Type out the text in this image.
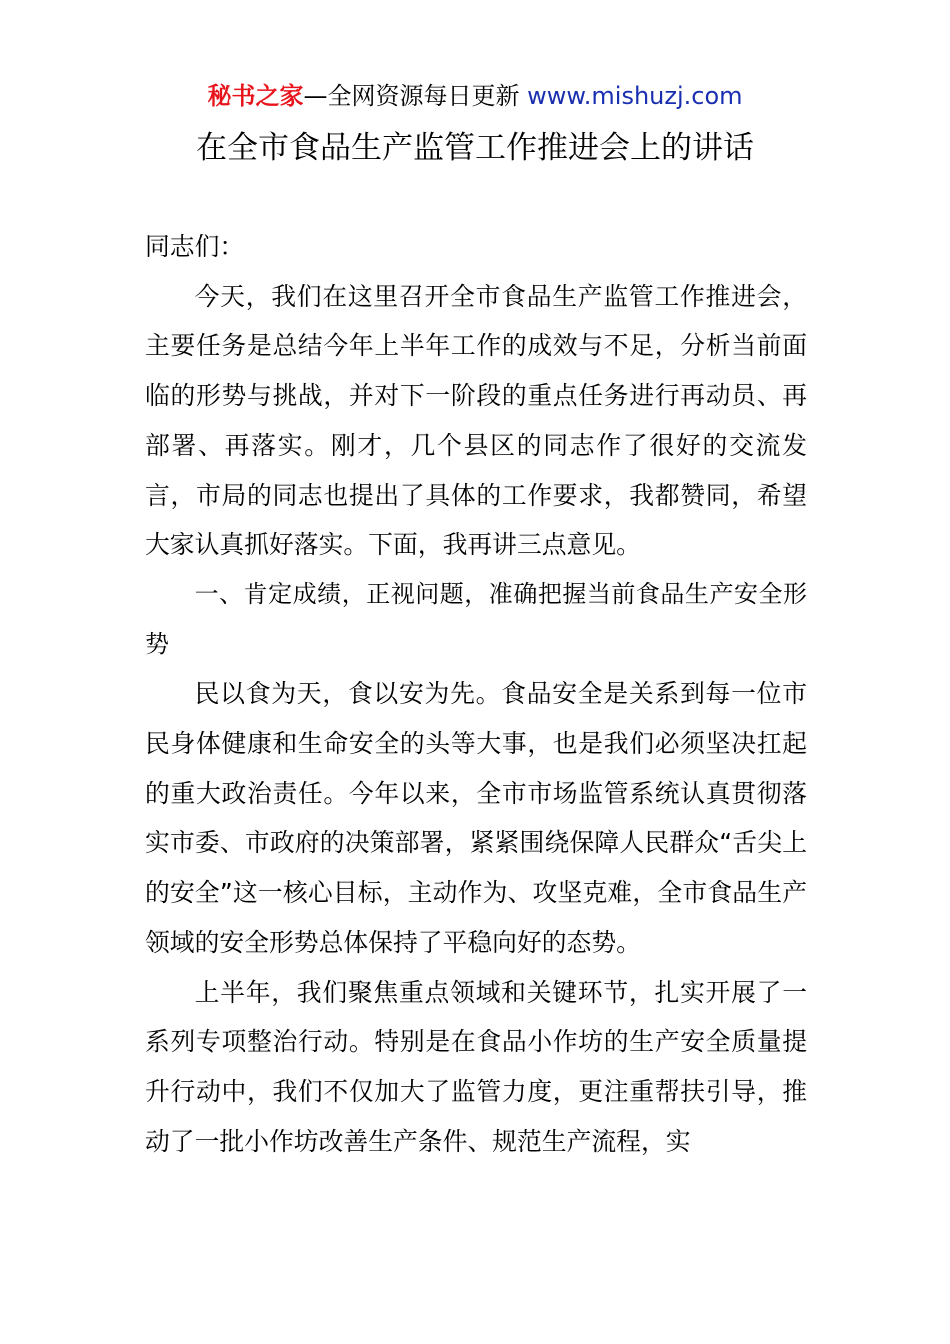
秘书之家—全网资源每日更新 www.mishuzj.com
在全市食品生产监管工作推进会上的讲话

同志们：

今天，我们在这里召开全市食品生产监管工作推进会，主要任务是总结今年上半年工作的成效与不足，分析当前面临的形势与挑战，并对下一阶段的重点任务进行再动员、再部署、再落实。刚才，几个县区的同志作了很好的交流发言，市局的同志也提出了具体的工作要求，我都赞同，希望大家认真抓好落实。下面，我再讲三点意见。

一、肯定成绩，正视问题，准确把握当前食品生产安全形势

民以食为天，食以安为先。食品安全是关系到每一位市民身体健康和生命安全的头等大事，也是我们必须坚决扛起的重大政治责任。今年以来，全市市场监管系统认真贯彻落实市委、市政府的决策部署，紧紧围绕保障人民群众“舌尖上的安全”这一核心目标，主动作为、攻坚克难，全市食品生产领域的安全形势总体保持了平稳向好的态势。

上半年，我们聚焦重点领域和关键环节，扎实开展了一系列专项整治行动。特别是在食品小作坊的生产安全质量提升行动中，我们不仅加大了监管力度，更注重帮扶引导，推动了一批小作坊改善生产条件、规范生产流程，实
